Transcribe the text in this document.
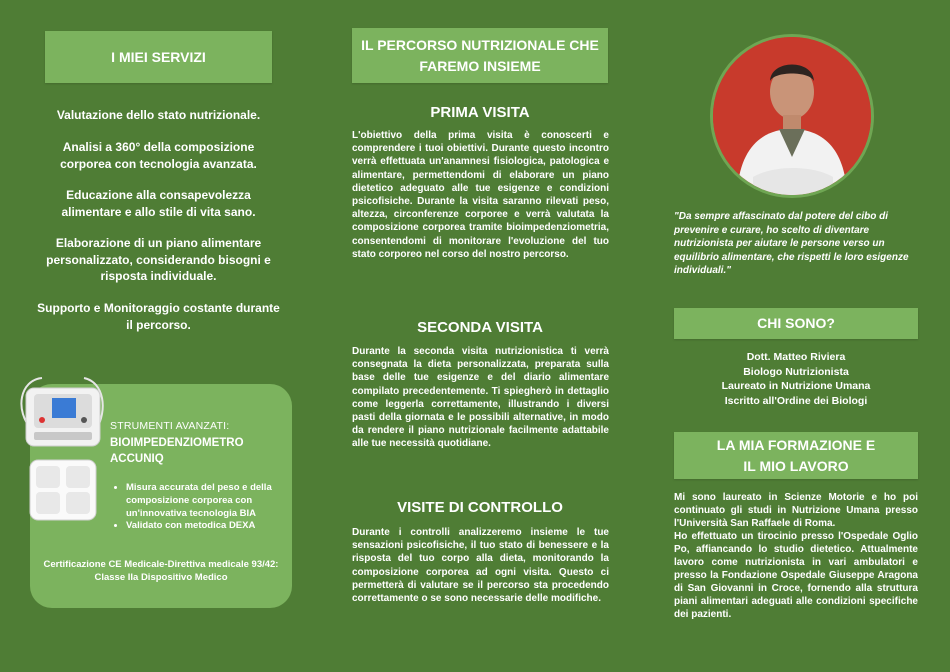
I MIEI SERVIZI
Valutazione dello stato nutrizionale.
Analisi a 360° della composizione corporea con tecnologia avanzata.
Educazione alla consapevolezza alimentare e allo stile di vita sano.
Elaborazione di un piano alimentare personalizzato, considerando bisogni e risposta individuale.
Supporto e Monitoraggio costante durante il percorso.
STRUMENTI AVANZATI:
BIOIMPEDENZIOMETRO ACCUNIQ
• Misura accurata del peso e della composizione corporea con un'innovativa tecnologia BIA
• Validato con metodica DEXA
Certificazione CE Medicale-Direttiva medicale 93/42: Classe IIa Dispositivo Medico
IL PERCORSO NUTRIZIONALE CHE FAREMO INSIEME
PRIMA VISITA
L'obiettivo della prima visita è conoscerti e comprendere i tuoi obiettivi. Durante questo incontro verrà effettuata un'anamnesi fisiologica, patologica e alimentare, permettendomi di elaborare un piano dietetico adeguato alle tue esigenze e condizioni psicofisiche. Durante la visita saranno rilevati peso, altezza, circonferenze corporee e verrà valutata la composizione corporea tramite bioimpedenziometria, consentendomi di monitorare l'evoluzione del tuo stato corporeo nel corso del nostro percorso.
SECONDA VISITA
Durante la seconda visita nutrizionistica ti verrà consegnata la dieta personalizzata, preparata sulla base delle tue esigenze e del diario alimentare compilato precedentemente. Ti spiegherò in dettaglio come leggerla correttamente, illustrando i diversi pasti della giornata e le possibili alternative, in modo da rendere il piano nutrizionale facilmente adattabile alle tue necessità quotidiane.
VISITE DI CONTROLLO
Durante i controlli analizzeremo insieme le tue sensazioni psicofisiche, il tuo stato di benessere e la risposta del tuo corpo alla dieta, monitorando la composizione corporea ad ogni visita. Questo ci permetterà di valutare se il percorso sta procedendo correttamente o se sono necessarie delle modifiche.
"Da sempre affascinato dal potere del cibo di prevenire e curare, ho scelto di diventare nutrizionista per aiutare le persone verso un equilibrio alimentare, che rispetti le loro esigenze individuali."
CHI SONO?
Dott. Matteo Riviera
Biologo Nutrizionista
Laureato in Nutrizione Umana
Iscritto all'Ordine dei Biologi
LA MIA FORMAZIONE E
IL MIO LAVORO
Mi sono laureato in Scienze Motorie e ho poi continuato gli studi in Nutrizione Umana presso l'Università San Raffaele di Roma.
Ho effettuato un tirocinio presso l'Ospedale Oglio Po, affiancando lo studio dietetico. Attualmente lavoro come nutrizionista in vari ambulatori e presso la Fondazione Ospedale Giuseppe Aragona di San Giovanni in Croce, fornendo alla struttura piani alimentari adeguati alle condizioni specifiche dei pazienti.
